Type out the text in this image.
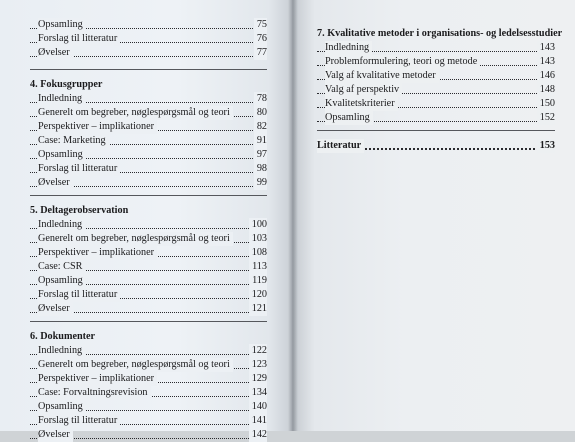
Opsamling	75
Forslag til litteratur	76
Øvelser	77
4. Fokusgrupper
Indledning	78
Generelt om begreber, nøglespørgsmål og teori	80
Perspektiver – implikationer	82
Case: Marketing	91
Opsamling	97
Forslag til litteratur	98
Øvelser	99
5. Deltagerobservation
Indledning	100
Generelt om begreber, nøglespørgsmål og teori 103
Perspektiver – implikationer	108
Case: CSR	113
Opsamling	119
Forslag til litteratur	120
Øvelser	121
6. Dokumenter
Indledning	122
Generelt om begreber, nøglespørgsmål og teori 123
Perspektiver – implikationer	129
Case: Forvaltningsrevision	134
Opsamling	140
Forslag til litteratur	141
Øvelser	142
7. Kvalitative metoder i organisations- og ledelsesstudier
Indledning	143
Problemformulering, teori og metode	143
Valg af kvalitative metoder	146
Valg af perspektiv	148
Kvalitetskriterier	150
Opsamling	152
Litteratur	153
